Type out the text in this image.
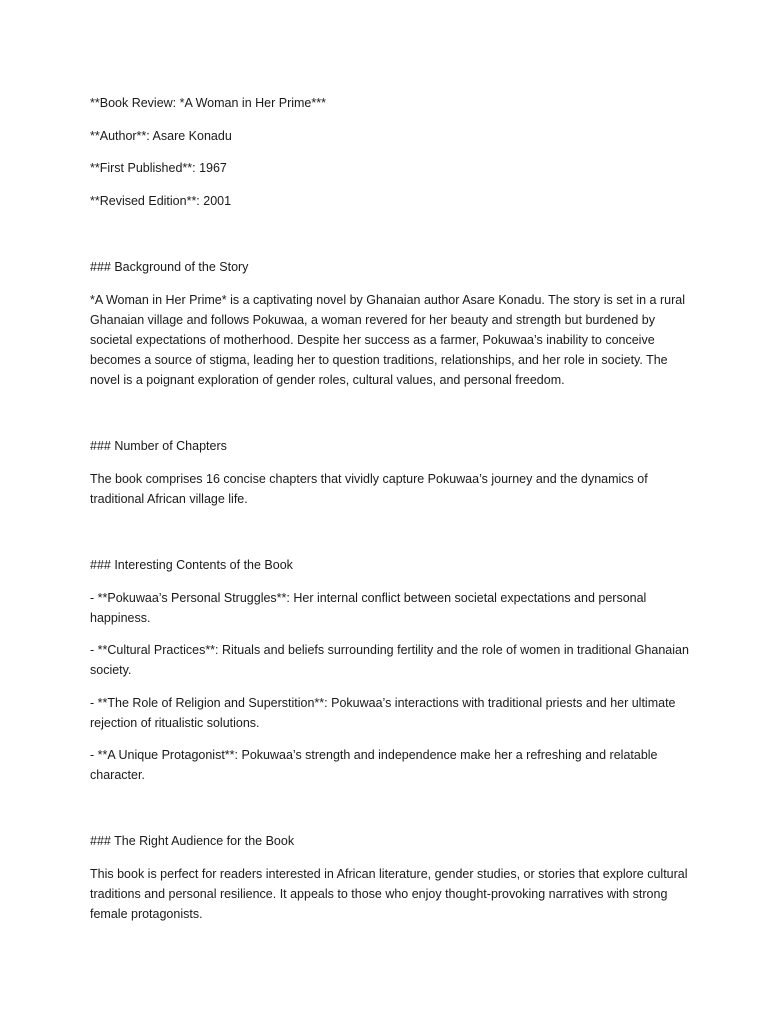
**Book Review: *A Woman in Her Prime***

**Author**: Asare Konadu

**First Published**: 1967

**Revised Edition**: 2001

### Background of the Story

*A Woman in Her Prime* is a captivating novel by Ghanaian author Asare Konadu. The story is set in a rural Ghanaian village and follows Pokuwaa, a woman revered for her beauty and strength but burdened by societal expectations of motherhood. Despite her success as a farmer, Pokuwaa’s inability to conceive becomes a source of stigma, leading her to question traditions, relationships, and her role in society. The novel is a poignant exploration of gender roles, cultural values, and personal freedom.

### Number of Chapters

The book comprises 16 concise chapters that vividly capture Pokuwaa’s journey and the dynamics of traditional African village life.

### Interesting Contents of the Book

- **Pokuwaa’s Personal Struggles**: Her internal conflict between societal expectations and personal happiness.

- **Cultural Practices**: Rituals and beliefs surrounding fertility and the role of women in traditional Ghanaian society.

- **The Role of Religion and Superstition**: Pokuwaa’s interactions with traditional priests and her ultimate rejection of ritualistic solutions.

- **A Unique Protagonist**: Pokuwaa’s strength and independence make her a refreshing and relatable character.

### The Right Audience for the Book

This book is perfect for readers interested in African literature, gender studies, or stories that explore cultural traditions and personal resilience. It appeals to those who enjoy thought-provoking narratives with strong female protagonists.
